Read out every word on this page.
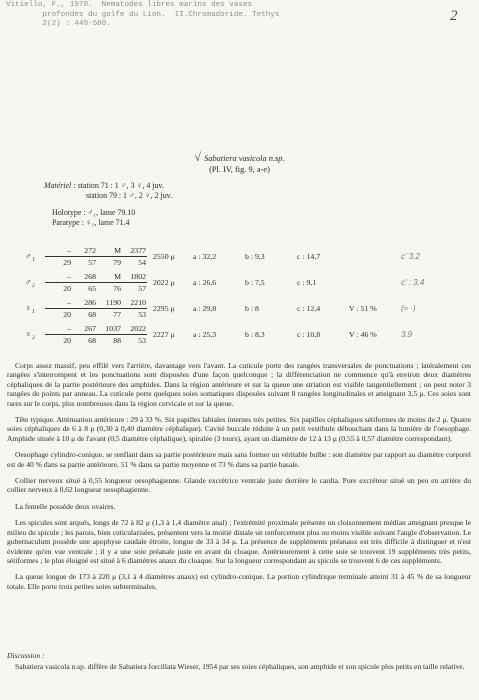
Vitiello, F., 1970.  Nematodes libres marins des vases
profondes du golfe du Lion.  II.Chromadoride. Tethys
2(2) : 449-500.
2
√ Sabatiera vasicola n.sp.
(Pl. IV, fig. 9, a-e)
Matériel : station 71 : 1 ♂, 3 ♀, 4 juv.
station 79 : 1 ♂, 2 ♀, 2 juv.
Holotype : ♂₁, lame 79.10
Paratype : ♀₁, lame 71.4
♂₁	$\frac{- 272 M 2377}{29 57 79 54}$	2550 μ	a : 32,2	b : 9,3	c : 14,7		c' 3.2
♂₂	$\frac{- 268 M 1802}{20 65 76 57}$	2022 μ	a : 26,6	b : 7,5	c : 9,1		c' : 3.4
♀₁	$\frac{- 286 1190 2210}{20 68 77 53}$	2295 μ	a : 29,8	b : 8	c : 12,4	V : 51 %	(≈ ·)
♀₂	$\frac{- 267 1037 2022}{20 68 88 53}$	2227 μ	a : 25,3	b : 8,3	c : 10,8	V : 46 %	3.9

Corps assez massif, peu effilé vers l'arrière, davantage vers l'avant. La cuticule porte des rangées transversales de ponctuations ; latéralement ces rangées s'interrompent et les ponctuations sont disposées d'une façon quelconque ; la différenciation ne commence qu'à environ deux diamètres céphaliques de la partie postérieure des amphides. Dans la région antérieure et sur la queue une striation est visible tangentiellement ; on peut noter 3 rangées de points par anneau. La cuticule porte quelques soies somatiques disposées suivant 8 rangées longitudinales et atteignant 3,5 μ. Ces soies sont rares sur le corps, plus nombreuses dans la région cervicale et sur la queue.

Tête typique. Atténuation antérieure : 29 à 33 %. Six papilles labiales internes très petites. Six papilles céphaliques sétiformes de moins de 2 μ. Quatre soies céphaliques de 6 à 8 μ (0,30 à 0,40 diamètre céphalique). Cavité buccale réduite à un petit vestibule débouchant dans la lumière de l'oesophage. Amphide située à 10 μ de l'avant (0,5 diamètre céphalique), spiralée (3 tours), ayant un diamètre de 12 à 13 μ (0,55 à 0,57 diamètre correspondant).

Oesophage cylindro-conique, se renflant dans sa partie postérieure mais sans former un véritable bulbe : son diamètre par rapport au diamètre corporel est de 40 % dans sa partie antérieure, 51 % dans sa partie moyenne et 73 % dans sa partie basale.

Collier nerveux situé à 0,55 longueur oesophagienne. Glande excrétrice ventrale juste derrière le cardia. Pore excréteur situé un peu en arrière du collier nerveux à 0,62 longueur oesophagienne.

La femelle possède deux ovaires.

Les spicules sont arqués, longs de 72 à 82 μ (1,3 à 1,4 diamètre anal) ; l'extrémité proximale présente un cloisonnement médian atteignant presque le milieu du spicule ; les parois, bien cuticularisées, présentent vers la moitié distale un renforcement plus ou moins visible suivant l'angle d'observation. Le gubernaculum possède une apophyse caudale étroite, longue de 33 à 34 μ. La présence de suppléments préanaux est très difficile à distinguer et n'est évidente qu'en vue ventrale ; il y a une soie préanale juste en avant du cloaque. Antérieurement à cette soie se trouvent 19 suppléments très petits, sétiformes ; le plus éloigné est situé à 6 diamètres anaux du cloaque. Sur la longueur correspondant au spicule se trouvent 6 de ces suppléments.

La queue longue de 173 à 220 μ (3,1 à 4 diamètres anaux) est cylindro-conique. La portion cylindrique terminale atteint 31 à 45 % de sa longueur totale. Elle porte trois petites soies subterminales.

Discussion :

Sabatiera vasicola n.sp. diffère de Sabatiera forcillata Wieser, 1954 par ses soies céphaliques, son amphide et son spicule plus petits en taille relative.
